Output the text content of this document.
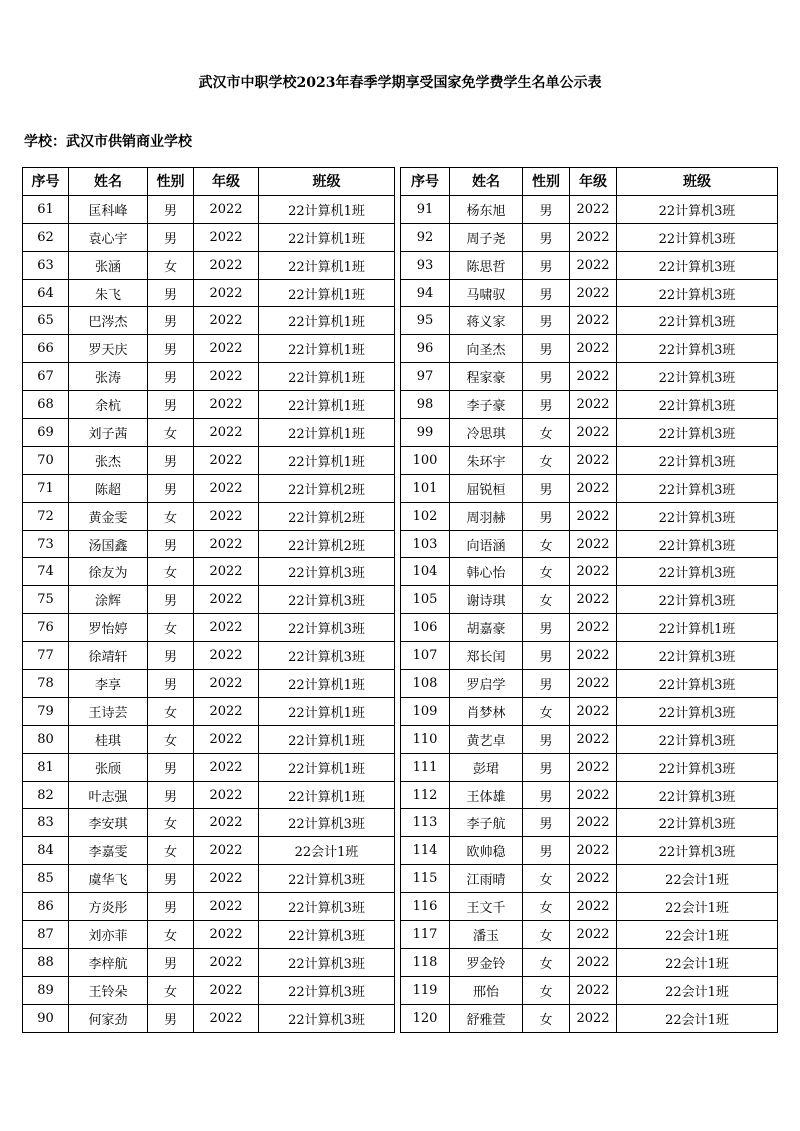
武汉市中职学校2023年春季学期享受国家免学费学生名单公示表
学校：武汉市供销商业学校
序号	姓名	性别	年级	班级
61	匡科峰	男	2022	22计算机1班
62	袁心宇	男	2022	22计算机1班
63	张涵	女	2022	22计算机1班
64	朱飞	男	2022	22计算机1班
65	巴涔杰	男	2022	22计算机1班
66	罗天庆	男	2022	22计算机1班
67	张涛	男	2022	22计算机1班
68	余杭	男	2022	22计算机1班
69	刘子茜	女	2022	22计算机1班
70	张杰	男	2022	22计算机1班
71	陈超	男	2022	22计算机2班
72	黄金雯	女	2022	22计算机2班
73	汤国鑫	男	2022	22计算机2班
74	徐友为	女	2022	22计算机3班
75	涂辉	男	2022	22计算机3班
76	罗怡婷	女	2022	22计算机3班
77	徐靖轩	男	2022	22计算机3班
78	李享	男	2022	22计算机1班
79	王诗芸	女	2022	22计算机1班
80	桂琪	女	2022	22计算机1班
81	张颀	男	2022	22计算机1班
82	叶志强	男	2022	22计算机1班
83	李安琪	女	2022	22计算机3班
84	李嘉雯	女	2022	22会计1班
85	虞华飞	男	2022	22计算机3班
86	方炎彤	男	2022	22计算机3班
87	刘亦菲	女	2022	22计算机3班
88	李梓航	男	2022	22计算机3班
89	王铃朵	女	2022	22计算机3班
90	何家劲	男	2022	22计算机3班
序号	姓名	性别	年级	班级
91	杨东旭	男	2022	22计算机3班
92	周子尧	男	2022	22计算机3班
93	陈思哲	男	2022	22计算机3班
94	马啸驭	男	2022	22计算机3班
95	蒋义家	男	2022	22计算机3班
96	向圣杰	男	2022	22计算机3班
97	程家豪	男	2022	22计算机3班
98	李子豪	男	2022	22计算机3班
99	冷思琪	女	2022	22计算机3班
100	朱环宇	女	2022	22计算机3班
101	屈锐桓	男	2022	22计算机3班
102	周羽赫	男	2022	22计算机3班
103	向语涵	女	2022	22计算机3班
104	韩心怡	女	2022	22计算机3班
105	谢诗琪	女	2022	22计算机3班
106	胡嘉豪	男	2022	22计算机1班
107	郑长闰	男	2022	22计算机3班
108	罗启学	男	2022	22计算机3班
109	肖梦林	女	2022	22计算机3班
110	黄艺卓	男	2022	22计算机3班
111	彭珺	男	2022	22计算机3班
112	王体雄	男	2022	22计算机3班
113	李子航	男	2022	22计算机3班
114	欧帅稳	男	2022	22计算机3班
115	江雨晴	女	2022	22会计1班
116	王文千	女	2022	22会计1班
117	潘玉	女	2022	22会计1班
118	罗金铃	女	2022	22会计1班
119	邢怡	女	2022	22会计1班
120	舒雅萱	女	2022	22会计1班
